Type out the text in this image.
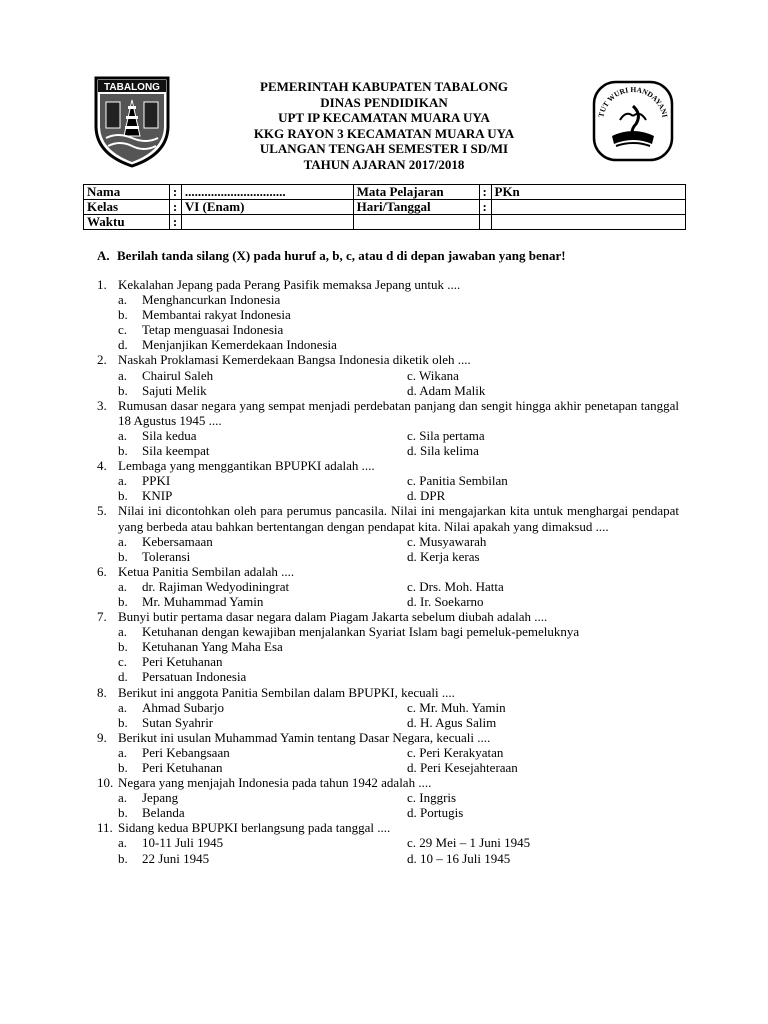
TABALONG	PEMERINTAH KABUPATEN TABALONG
DINAS PENDIDIKAN
UPT IP KECAMATAN MUARA UYA
KKG RAYON 3 KECAMATAN MUARA UYA
ULANGAN TENGAH SEMESTER I SD/MI
TAHUN AJARAN 2017/2018
TUT WURI HANDAYANI
Nama	:	...............................	Mata Pelajaran	:	PKn
Kelas	:	VI (Enam)	Hari/Tanggal	:	
Waktu	:				
A. Berilah tanda silang (X) pada huruf a, b, c, atau d di depan jawaban yang benar!
1. Kekalahan Jepang pada Perang Pasifik memaksa Jepang untuk ....
a.	Menghancurkan Indonesia
b.	Membantai rakyat Indonesia
c.	Tetap menguasai Indonesia
d.	Menjanjikan Kemerdekaan Indonesia
2. Naskah Proklamasi Kemerdekaan Bangsa Indonesia diketik oleh ....
a.	Chairul Saleh	c. Wikana
b.	Sajuti Melik	d. Adam Malik
3. Rumusan dasar negara yang sempat menjadi perdebatan panjang dan sengit hingga akhir penetapan tanggal 18 Agustus 1945 ....
a.	Sila kedua	c. Sila pertama
b.	Sila keempat	d. Sila kelima
4. Lembaga yang menggantikan BPUPKI adalah ....
a.	PPKI	c. Panitia Sembilan
b.	KNIP	d. DPR
5. Nilai ini dicontohkan oleh para perumus pancasila. Nilai ini mengajarkan kita untuk menghargai pendapat yang berbeda atau bahkan bertentangan dengan pendapat kita. Nilai apakah yang dimaksud ....
a.	Kebersamaan	c. Musyawarah
b.	Toleransi	d. Kerja keras
6. Ketua Panitia Sembilan adalah ....
a.	dr. Rajiman Wedyodiningrat	c. Drs. Moh. Hatta
b.	Mr. Muhammad Yamin	d. Ir. Soekarno
7. Bunyi butir pertama dasar negara dalam Piagam Jakarta sebelum diubah adalah ....
a.	Ketuhanan dengan kewajiban menjalankan Syariat Islam bagi pemeluk-pemeluknya
b.	Ketuhanan Yang Maha Esa
c.	Peri Ketuhanan
d.	Persatuan Indonesia
8. Berikut ini anggota Panitia Sembilan dalam BPUPKI, kecuali ....
a.	Ahmad Subarjo	c. Mr. Muh. Yamin
b.	Sutan Syahrir	d. H. Agus Salim
9. Berikut ini usulan Muhammad Yamin tentang Dasar Negara, kecuali ....
a.	Peri Kebangsaan	c. Peri Kerakyatan
b.	Peri Ketuhanan	d. Peri Kesejahteraan
10. Negara yang menjajah Indonesia pada tahun 1942 adalah ....
a.	Jepang	c. Inggris
b.	Belanda	d. Portugis
11. Sidang kedua BPUPKI berlangsung pada tanggal ....
a.	10-11 Juli 1945	c. 29 Mei – 1 Juni 1945
b.	22 Juni 1945	d. 10 – 16 Juli 1945
